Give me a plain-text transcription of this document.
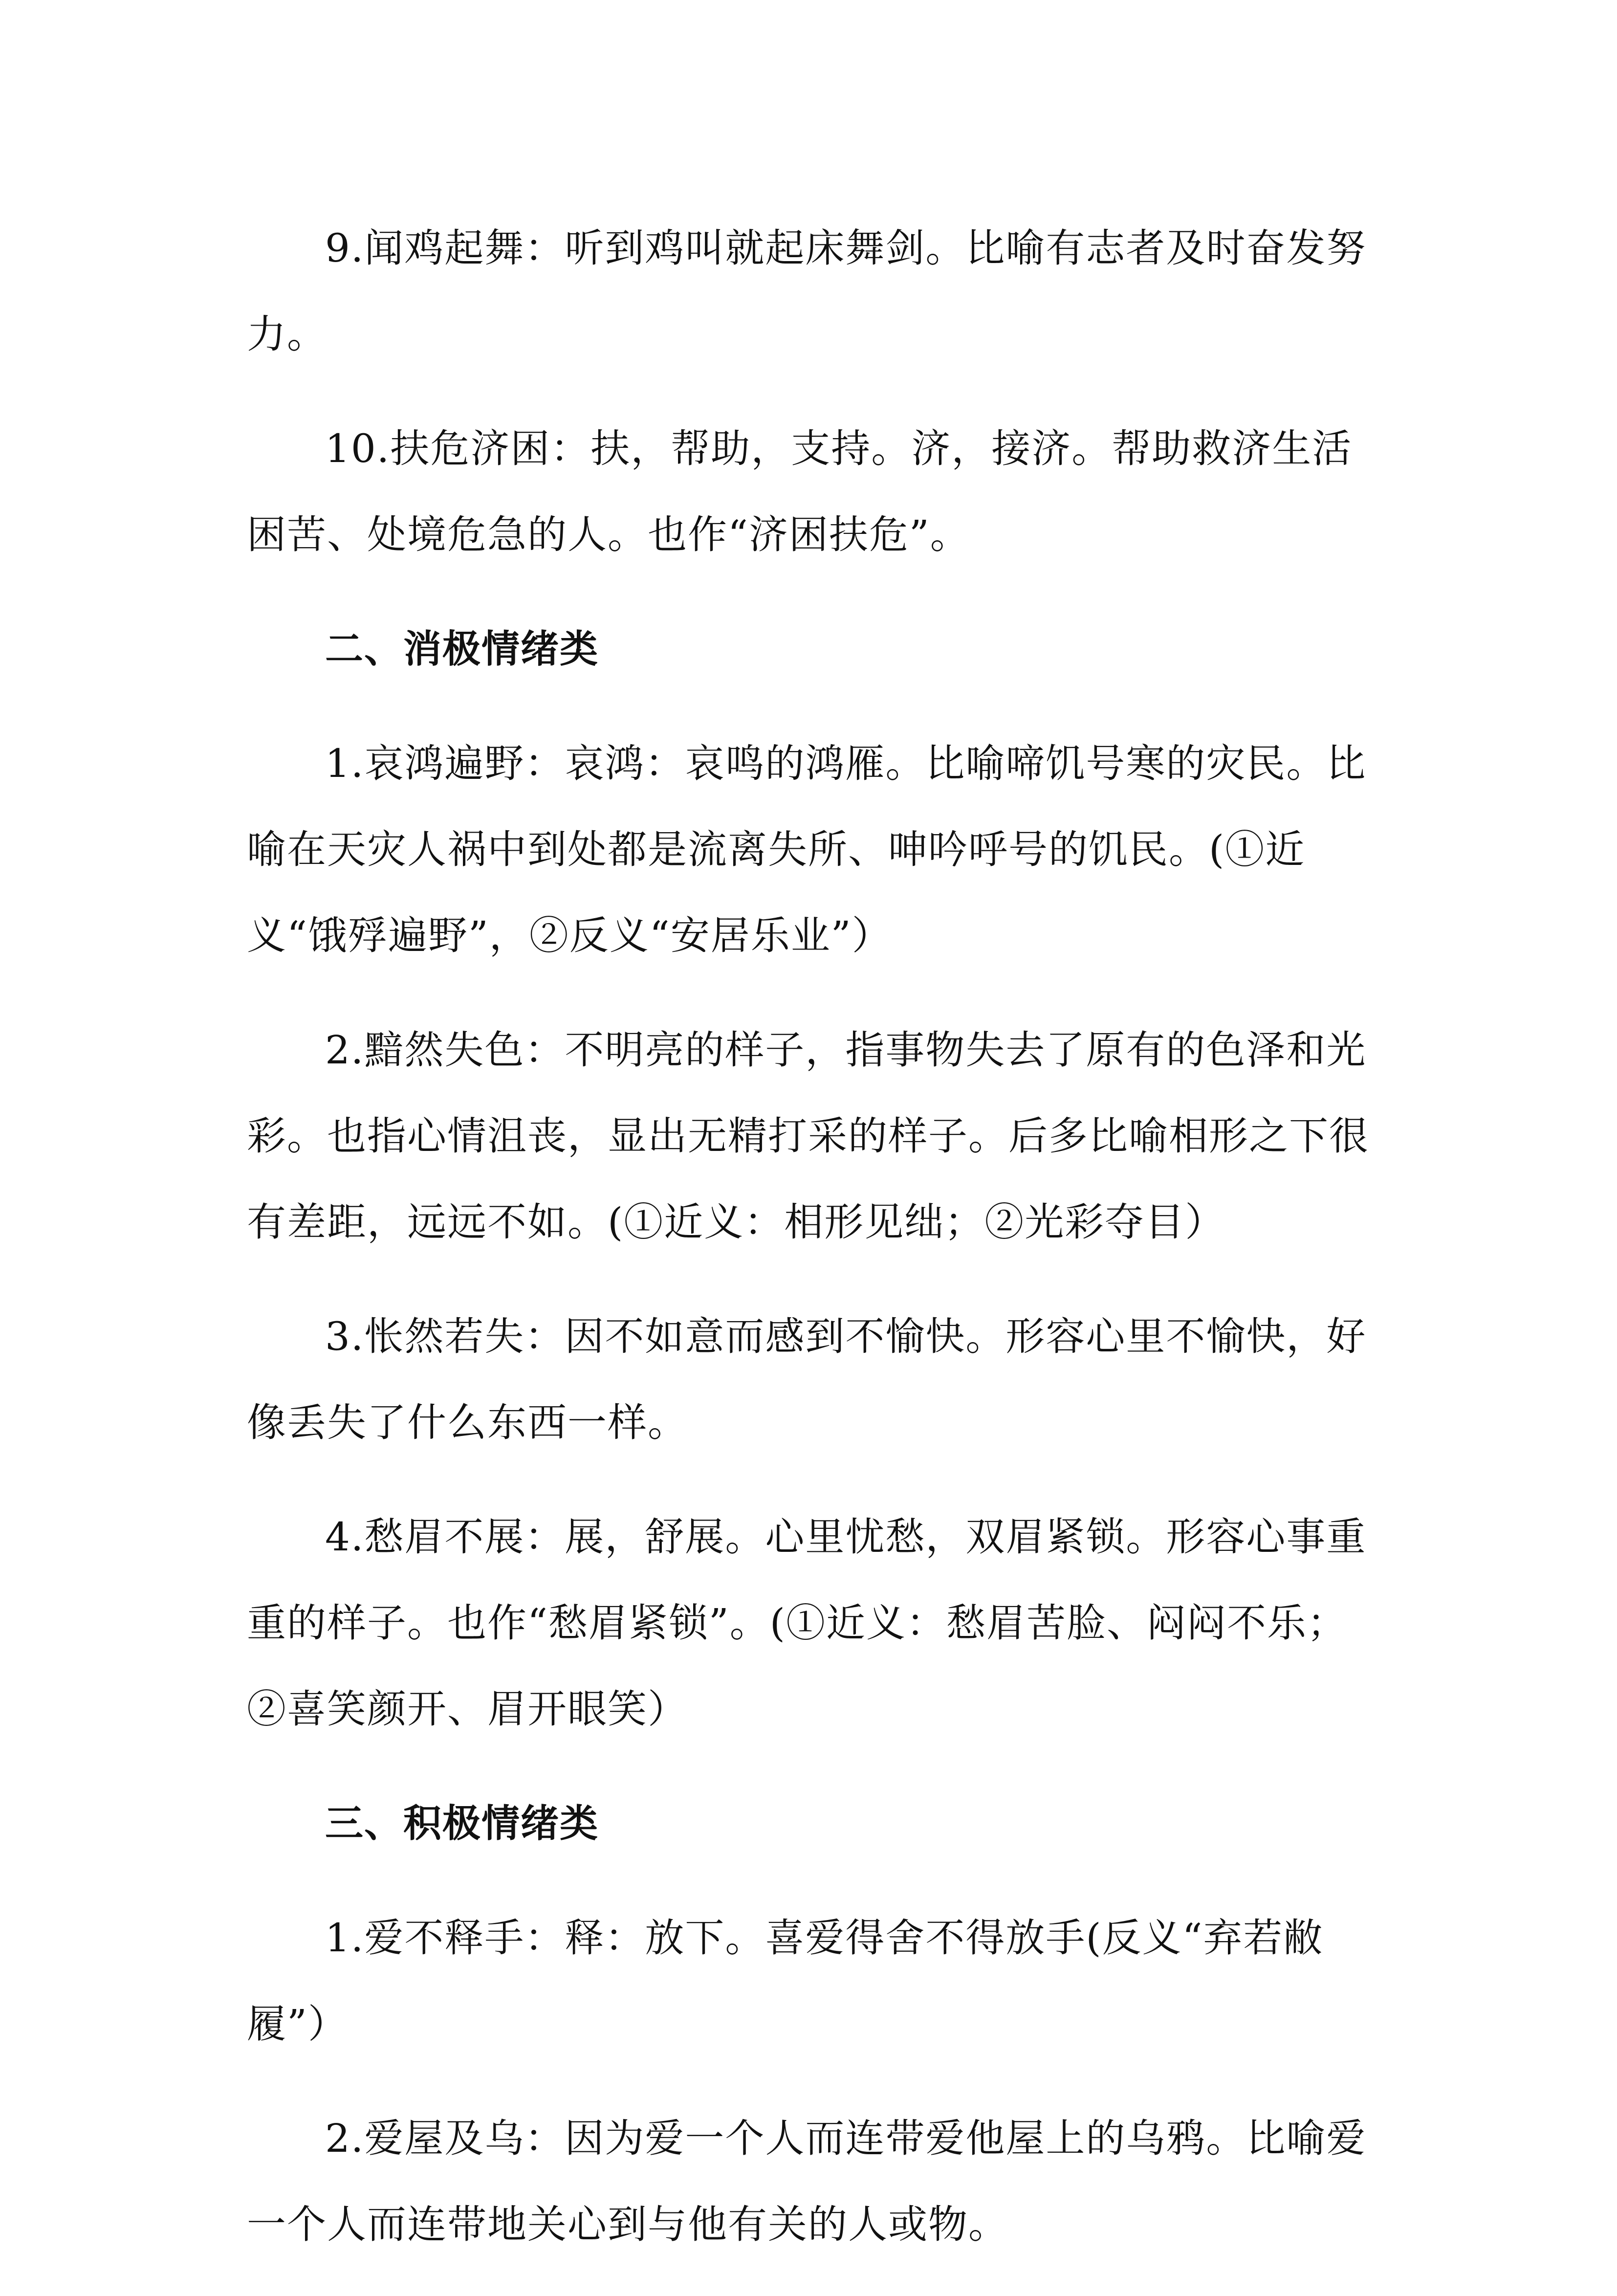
9.闻鸡起舞：听到鸡叫就起床舞剑。比喻有志者及时奋发努力。

10.扶危济困：扶，帮助，支持。济，接济。帮助救济生活困苦、处境危急的人。也作“济困扶危”。

二、消极情绪类

1.哀鸿遍野：哀鸿：哀鸣的鸿雁。比喻啼饥号寒的灾民。比喻在天灾人祸中到处都是流离失所、呻吟呼号的饥民。(①近义“饿殍遍野”，②反义“安居乐业”）

2.黯然失色：不明亮的样子，指事物失去了原有的色泽和光彩。也指心情沮丧，显出无精打采的样子。后多比喻相形之下很有差距，远远不如。(①近义：相形见绌；②光彩夺目）

3.怅然若失：因不如意而感到不愉快。形容心里不愉快，好像丢失了什么东西一样。

4.愁眉不展：展，舒展。心里忧愁，双眉紧锁。形容心事重重的样子。也作“愁眉紧锁”。(①近义：愁眉苦脸、闷闷不乐；②喜笑颜开、眉开眼笑）

三、积极情绪类

1.爱不释手：释：放下。喜爱得舍不得放手(反义“弃若敝履”）

2.爱屋及乌：因为爱一个人而连带爱他屋上的乌鸦。比喻爱一个人而连带地关心到与他有关的人或物。
